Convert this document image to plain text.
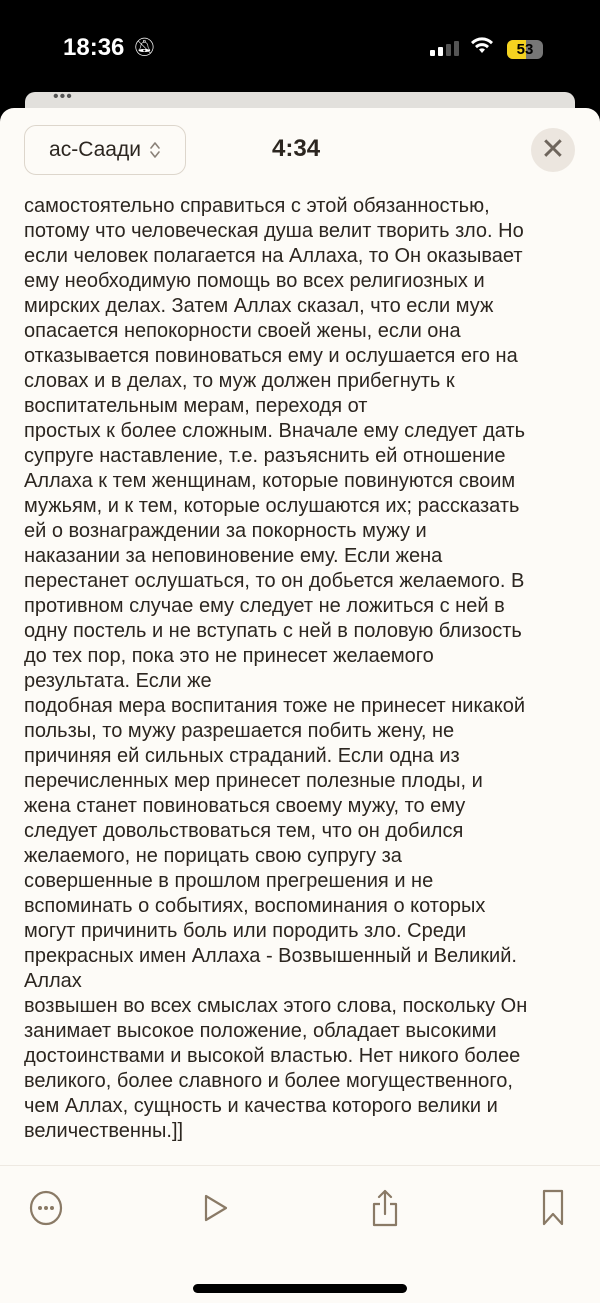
18:36 🔕︎	53
•••
ас-Саади	4:34	✕
самостоятельно справиться с этой обязанностью,
потому что человеческая душа велит творить зло. Но
если человек полагается на Аллаха, то Он оказывает
ему необходимую помощь во всех религиозных и
мирских делах. Затем Аллах сказал, что если муж
опасается непокорности своей жены, если она
отказывается повиноваться ему и ослушается его на
словах и в делах, то муж должен прибегнуть к
воспитательным мерам, переходя от
простых к более сложным. Вначале ему следует дать
супруге наставление, т.е. разъяснить ей отношение
Аллаха к тем женщинам, которые повинуются своим
мужьям, и к тем, которые ослушаются их; рассказать
ей о вознаграждении за покорность мужу и
наказании за неповиновение ему. Если жена
перестанет ослушаться, то он добьется желаемого. В
противном случае ему следует не ложиться с ней в
одну постель и не вступать с ней в половую близость
до тех пор, пока это не принесет желаемого
результата. Если же
подобная мера воспитания тоже не принесет никакой
пользы, то мужу разрешается побить жену, не
причиняя ей сильных страданий. Если одна из
перечисленных мер принесет полезные плоды, и
жена станет повиноваться своему мужу, то ему
следует довольствоваться тем, что он добился
желаемого, не порицать свою супругу за
совершенные в прошлом прегрешения и не
вспоминать о событиях, воспоминания о которых
могут причинить боль или породить зло. Среди
прекрасных имен Аллаха - Возвышенный и Великий.
Аллах
возвышен во всех смыслах этого слова, поскольку Он
занимает высокое положение, обладает высокими
достоинствами и высокой властью. Нет никого более
великого, более славного и более могущественного,
чем Аллах, сущность и качества которого велики и
величественны.]]
